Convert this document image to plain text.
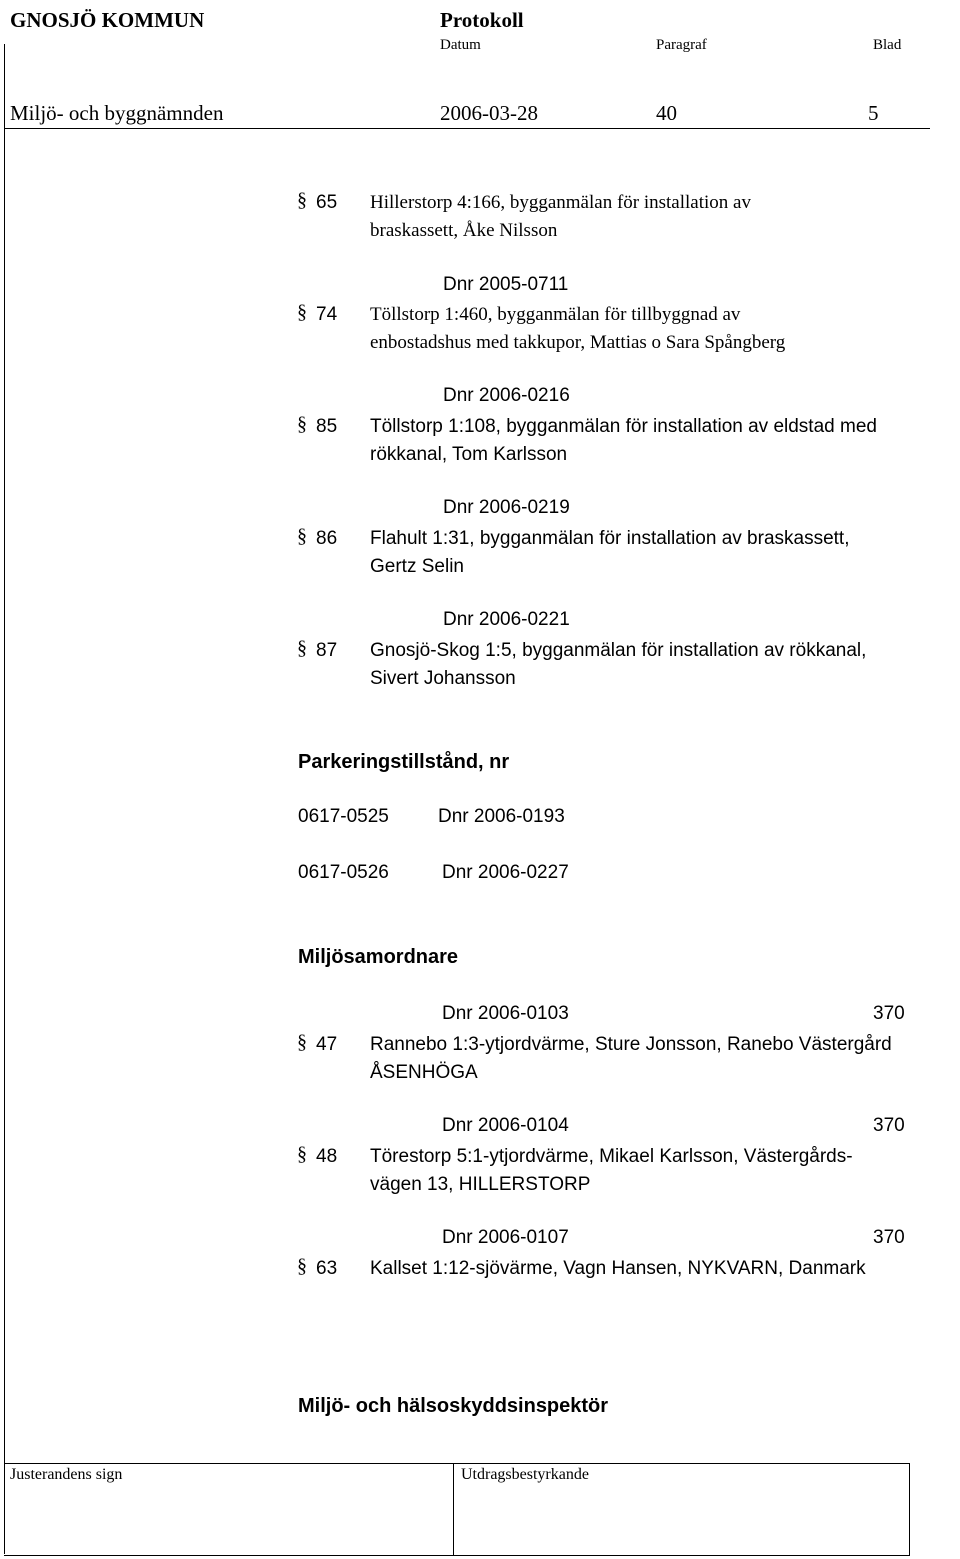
GNOSJÖ KOMMUN	Protokoll
Datum	Paragraf	Blad
Miljö- och byggnämnden	2006-03-28	40	5
§ 65 Hillerstorp 4:166, bygganmälan för installation av
braskassett, Åke Nilsson
Dnr 2005-0711
§ 74 Töllstorp 1:460, bygganmälan för tillbyggnad av
enbostadshus med takkupor, Mattias o Sara Spångberg
Dnr 2006-0216
§ 85 Töllstorp 1:108, bygganmälan för installation av eldstad med
rökkanal, Tom Karlsson
Dnr 2006-0219
§ 86 Flahult 1:31, bygganmälan för installation av braskassett,
Gertz Selin
Dnr 2006-0221
§ 87 Gnosjö-Skog 1:5, bygganmälan för installation av rökkanal,
Sivert Johansson
Parkeringstillstånd, nr
0617-0525	Dnr 2006-0193
0617-0526	Dnr 2006-0227
Miljösamordnare
Dnr 2006-0103	370
§ 47 Rannebo 1:3-ytjordvärme, Sture Jonsson, Ranebo Västergård
ÅSENHÖGA
Dnr 2006-0104	370
§ 48 Törestorp 5:1-ytjordvärme, Mikael Karlsson, Västergårds-
vägen 13, HILLERSTORP
Dnr 2006-0107	370
§ 63 Kallset 1:12-sjövärme, Vagn Hansen, NYKVARN, Danmark
Miljö- och hälsoskyddsinspektör
Justerandens sign	Utdragsbestyrkande
